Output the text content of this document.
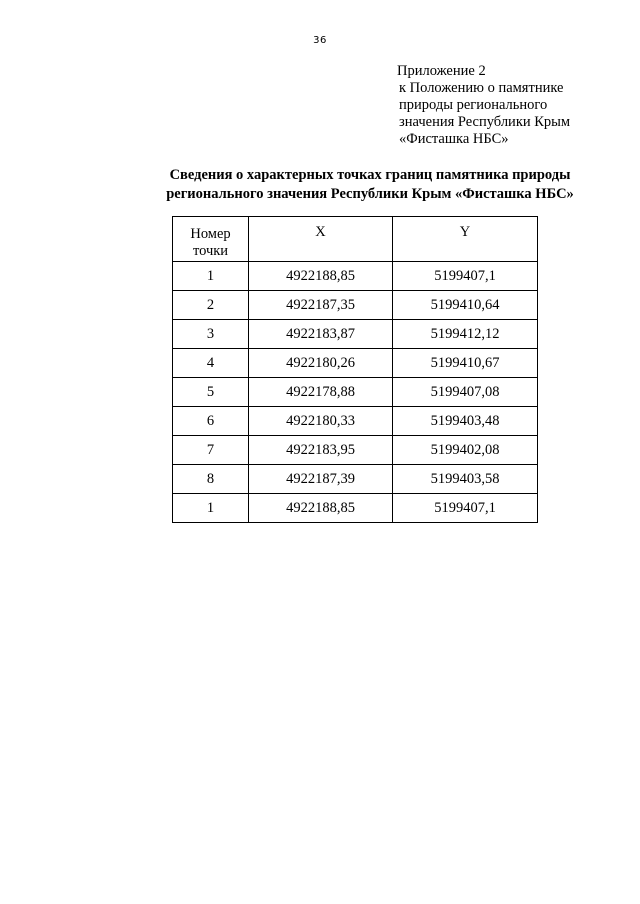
36
Приложение 2
к Положению о памятнике
природы регионального
значения Республики Крым
«Фисташка НБС»
Сведения о характерных точках границ памятника природы
регионального значения Республики Крым «Фисташка НБС»
Номер
точки	X	Y
1	4922188,85	5199407,1
2	4922187,35	5199410,64
3	4922183,87	5199412,12
4	4922180,26	5199410,67
5	4922178,88	5199407,08
6	4922180,33	5199403,48
7	4922183,95	5199402,08
8	4922187,39	5199403,58
1	4922188,85	5199407,1
